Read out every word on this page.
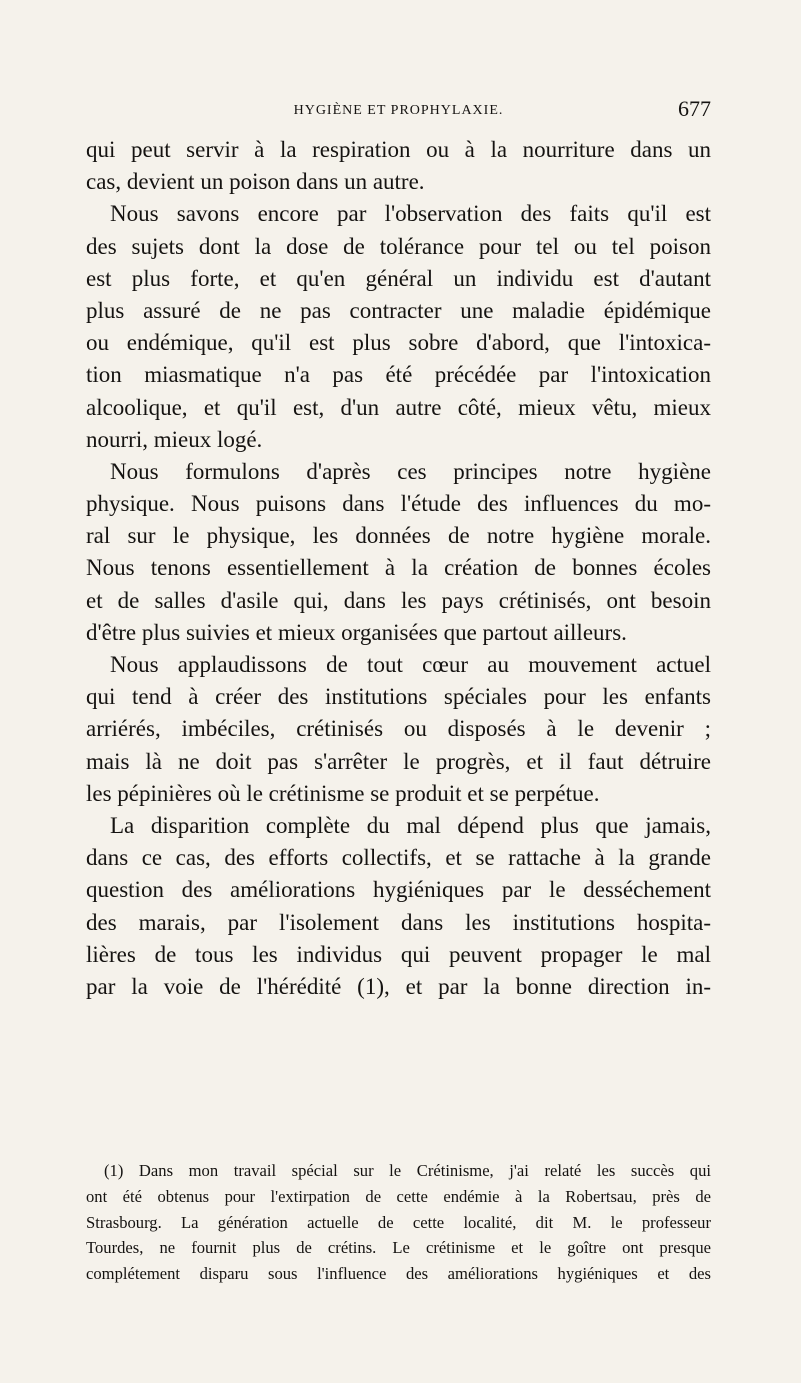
HYGIÈNE ET PROPHYLAXIE.	677
qui peut servir à la respiration ou à la nourriture dans un
cas, devient un poison dans un autre.
Nous savons encore par l'observation des faits qu'il est
des sujets dont la dose de tolérance pour tel ou tel poison
est plus forte, et qu'en général un individu est d'autant
plus assuré de ne pas contracter une maladie épidémique
ou endémique, qu'il est plus sobre d'abord, que l'intoxica-
tion miasmatique n'a pas été précédée par l'intoxication
alcoolique, et qu'il est, d'un autre côté, mieux vêtu, mieux
nourri, mieux logé.
Nous formulons d'après ces principes notre hygiène
physique. Nous puisons dans l'étude des influences du mo-
ral sur le physique, les données de notre hygiène morale.
Nous tenons essentiellement à la création de bonnes écoles
et de salles d'asile qui, dans les pays crétinisés, ont besoin
d'être plus suivies et mieux organisées que partout ailleurs.
Nous applaudissons de tout cœur au mouvement actuel
qui tend à créer des institutions spéciales pour les enfants
arriérés, imbéciles, crétinisés ou disposés à le devenir ;
mais là ne doit pas s'arrêter le progrès, et il faut détruire
les pépinières où le crétinisme se produit et se perpétue.
La disparition complète du mal dépend plus que jamais,
dans ce cas, des efforts collectifs, et se rattache à la grande
question des améliorations hygiéniques par le desséchement
des marais, par l'isolement dans les institutions hospita-
lières de tous les individus qui peuvent propager le mal
par la voie de l'hérédité (1), et par la bonne direction in-
(1) Dans mon travail spécial sur le Crétinisme, j'ai relaté les succès qui
ont été obtenus pour l'extirpation de cette endémie à la Robertsau, près de
Strasbourg. La génération actuelle de cette localité, dit M. le professeur
Tourdes, ne fournit plus de crétins. Le crétinisme et le goître ont presque
complétement disparu sous l'influence des améliorations hygiéniques et des
